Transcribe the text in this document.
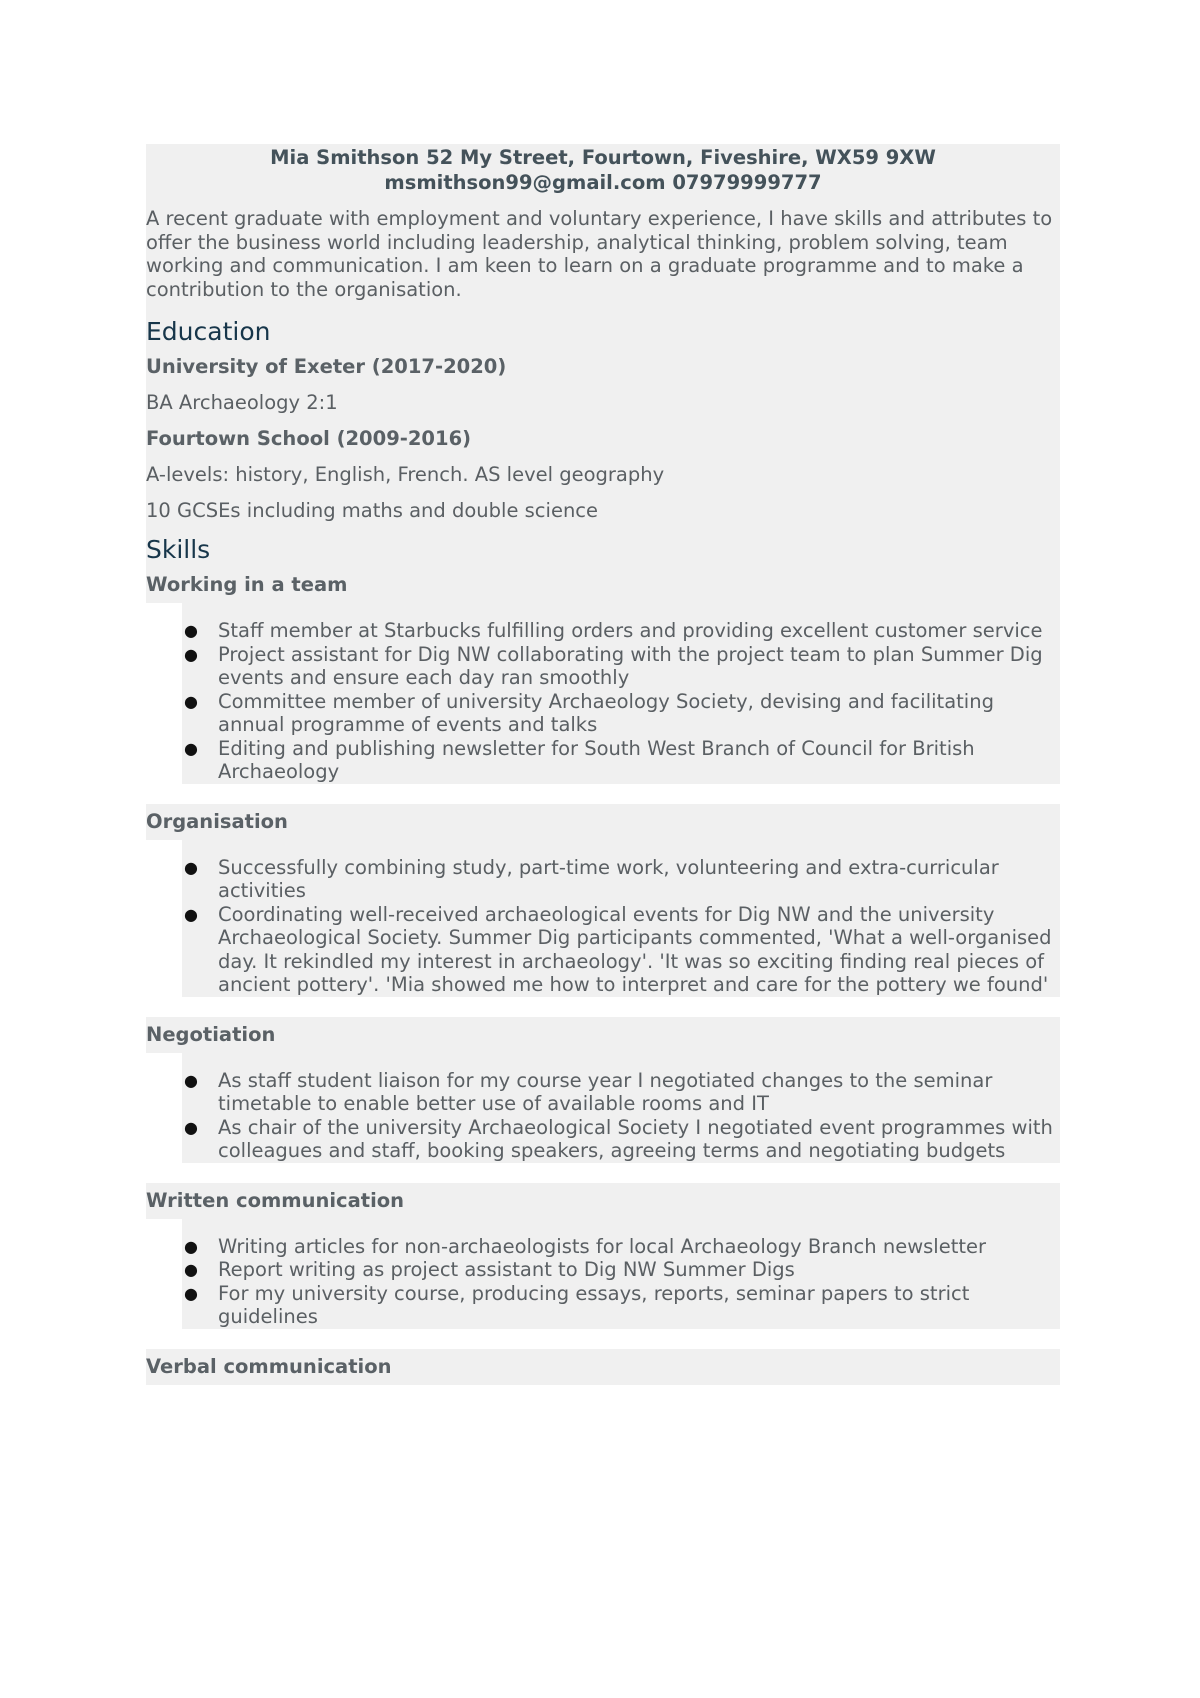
Mia Smithson 52 My Street, Fourtown, Fiveshire, WX59 9XW
msmithson99@gmail.com 07979999777

A recent graduate with employment and voluntary experience, I have skills and attributes to offer the business world including leadership, analytical thinking, problem solving, team working and communication. I am keen to learn on a graduate programme and to make a contribution to the organisation.

Education
University of Exeter (2017-2020)

BA Archaeology 2:1

Fourtown School (2009-2016)

A-levels: history, English, French. AS level geography

10 GCSEs including maths and double science

Skills
Working in a team
● Staff member at Starbucks fulfilling orders and providing excellent customer service
● Project assistant for Dig NW collaborating with the project team to plan Summer Dig events and ensure each day ran smoothly
● Committee member of university Archaeology Society, devising and facilitating annual programme of events and talks
● Editing and publishing newsletter for South West Branch of Council for British Archaeology
Organisation
● Successfully combining study, part-time work, volunteering and extra-curricular activities
● Coordinating well-received archaeological events for Dig NW and the university Archaeological Society. Summer Dig participants commented, 'What a well-organised day. It rekindled my interest in archaeology'. 'It was so exciting finding real pieces of ancient pottery'. 'Mia showed me how to interpret and care for the pottery we found'
Negotiation
● As staff student liaison for my course year I negotiated changes to the seminar timetable to enable better use of available rooms and IT
● As chair of the university Archaeological Society I negotiated event programmes with colleagues and staff, booking speakers, agreeing terms and negotiating budgets
Written communication
● Writing articles for non-archaeologists for local Archaeology Branch newsletter
● Report writing as project assistant to Dig NW Summer Digs
● For my university course, producing essays, reports, seminar papers to strict guidelines
Verbal communication
